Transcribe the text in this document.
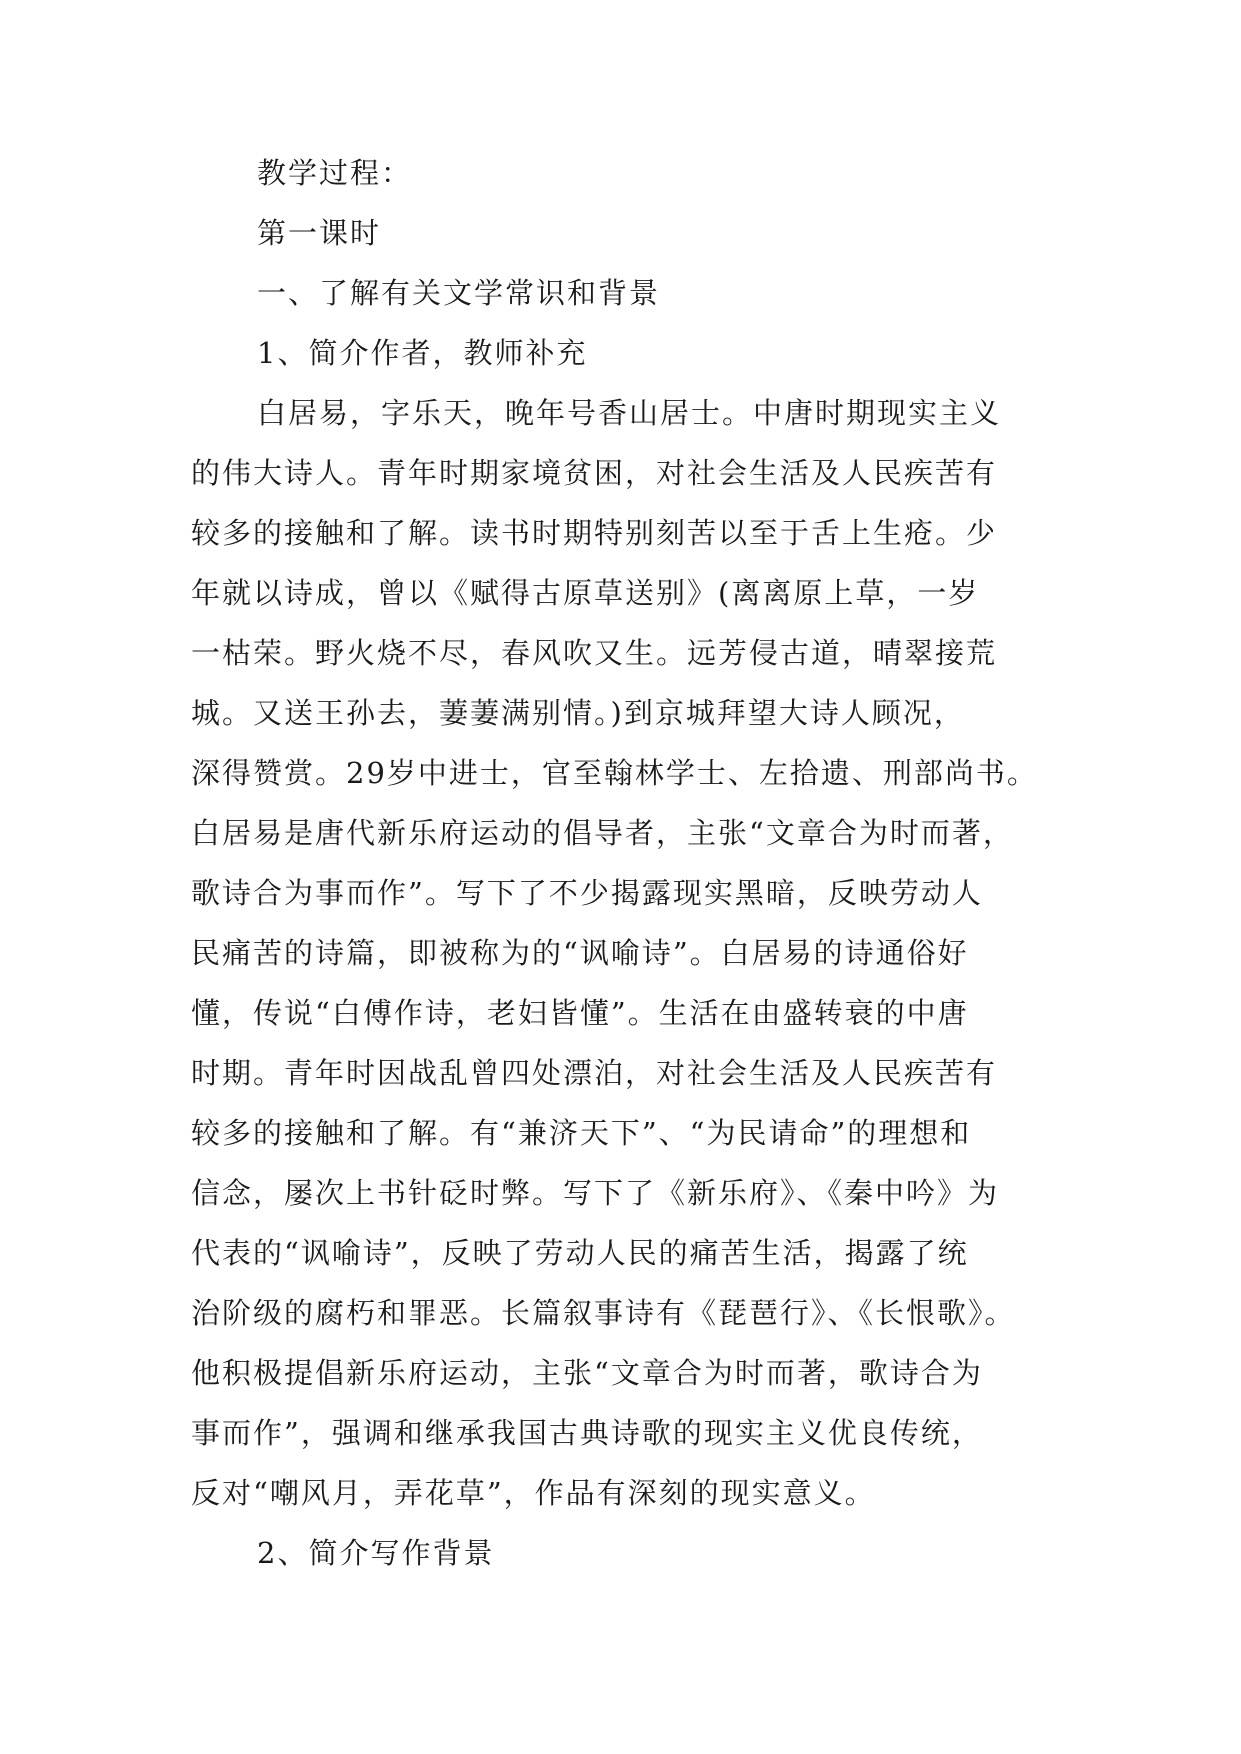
教学过程：
第一课时
一、了解有关文学常识和背景
1、简介作者，教师补充
白居易，字乐天，晚年号香山居士。中唐时期现实主义
的伟大诗人。青年时期家境贫困，对社会生活及人民疾苦有
较多的接触和了解。读书时期特别刻苦以至于舌上生疮。少
年就以诗成，曾以《赋得古原草送别》(离离原上草，一岁
一枯荣。野火烧不尽，春风吹又生。远芳侵古道，晴翠接荒
城。又送王孙去，萋萋满别情。)到京城拜望大诗人顾况，
深得赞赏。29岁中进士，官至翰林学士、左拾遗、刑部尚书。
白居易是唐代新乐府运动的倡导者，主张“文章合为时而著，
歌诗合为事而作”。写下了不少揭露现实黑暗，反映劳动人
民痛苦的诗篇，即被称为的“讽喻诗”。白居易的诗通俗好
懂，传说“白傅作诗，老妇皆懂”。生活在由盛转衰的中唐
时期。青年时因战乱曾四处漂泊，对社会生活及人民疾苦有
较多的接触和了解。有“兼济天下”、“为民请命”的理想和
信念，屡次上书针砭时弊。写下了《新乐府》、《秦中吟》为
代表的“讽喻诗”，反映了劳动人民的痛苦生活，揭露了统
治阶级的腐朽和罪恶。长篇叙事诗有《琵琶行》、《长恨歌》。
他积极提倡新乐府运动，主张“文章合为时而著，歌诗合为
事而作”，强调和继承我国古典诗歌的现实主义优良传统，
反对“嘲风月，弄花草”，作品有深刻的现实意义。
2、简介写作背景
